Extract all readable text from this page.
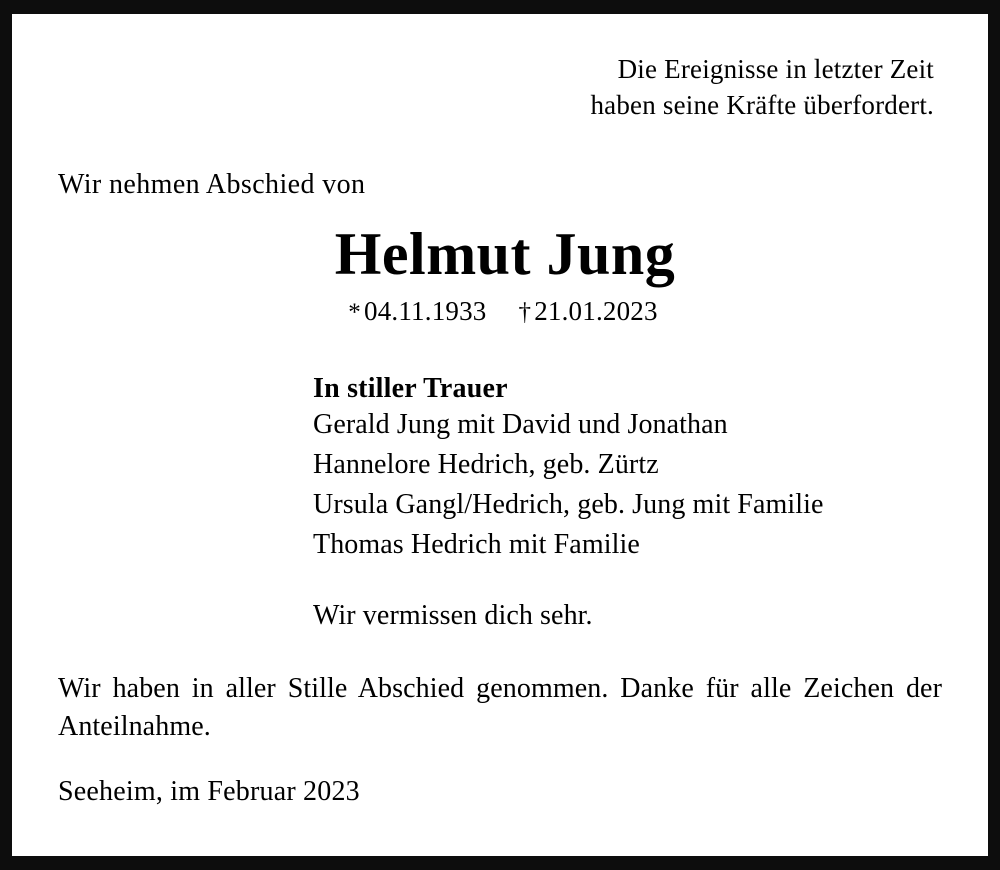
Die Ereignisse in letzter Zeit
haben seine Kräfte überfordert.
Wir nehmen Abschied von
Helmut Jung
* 04.11.1933 † 21.01.2023
In stiller Trauer
Gerald Jung mit David und Jonathan
Hannelore Hedrich, geb. Zürtz
Ursula Gangl/Hedrich, geb. Jung mit Familie
Thomas Hedrich mit Familie
Wir vermissen dich sehr.
Wir haben in aller Stille Abschied genommen. Danke für alle Zeichen der Anteilnahme.
Seeheim, im Februar 2023
